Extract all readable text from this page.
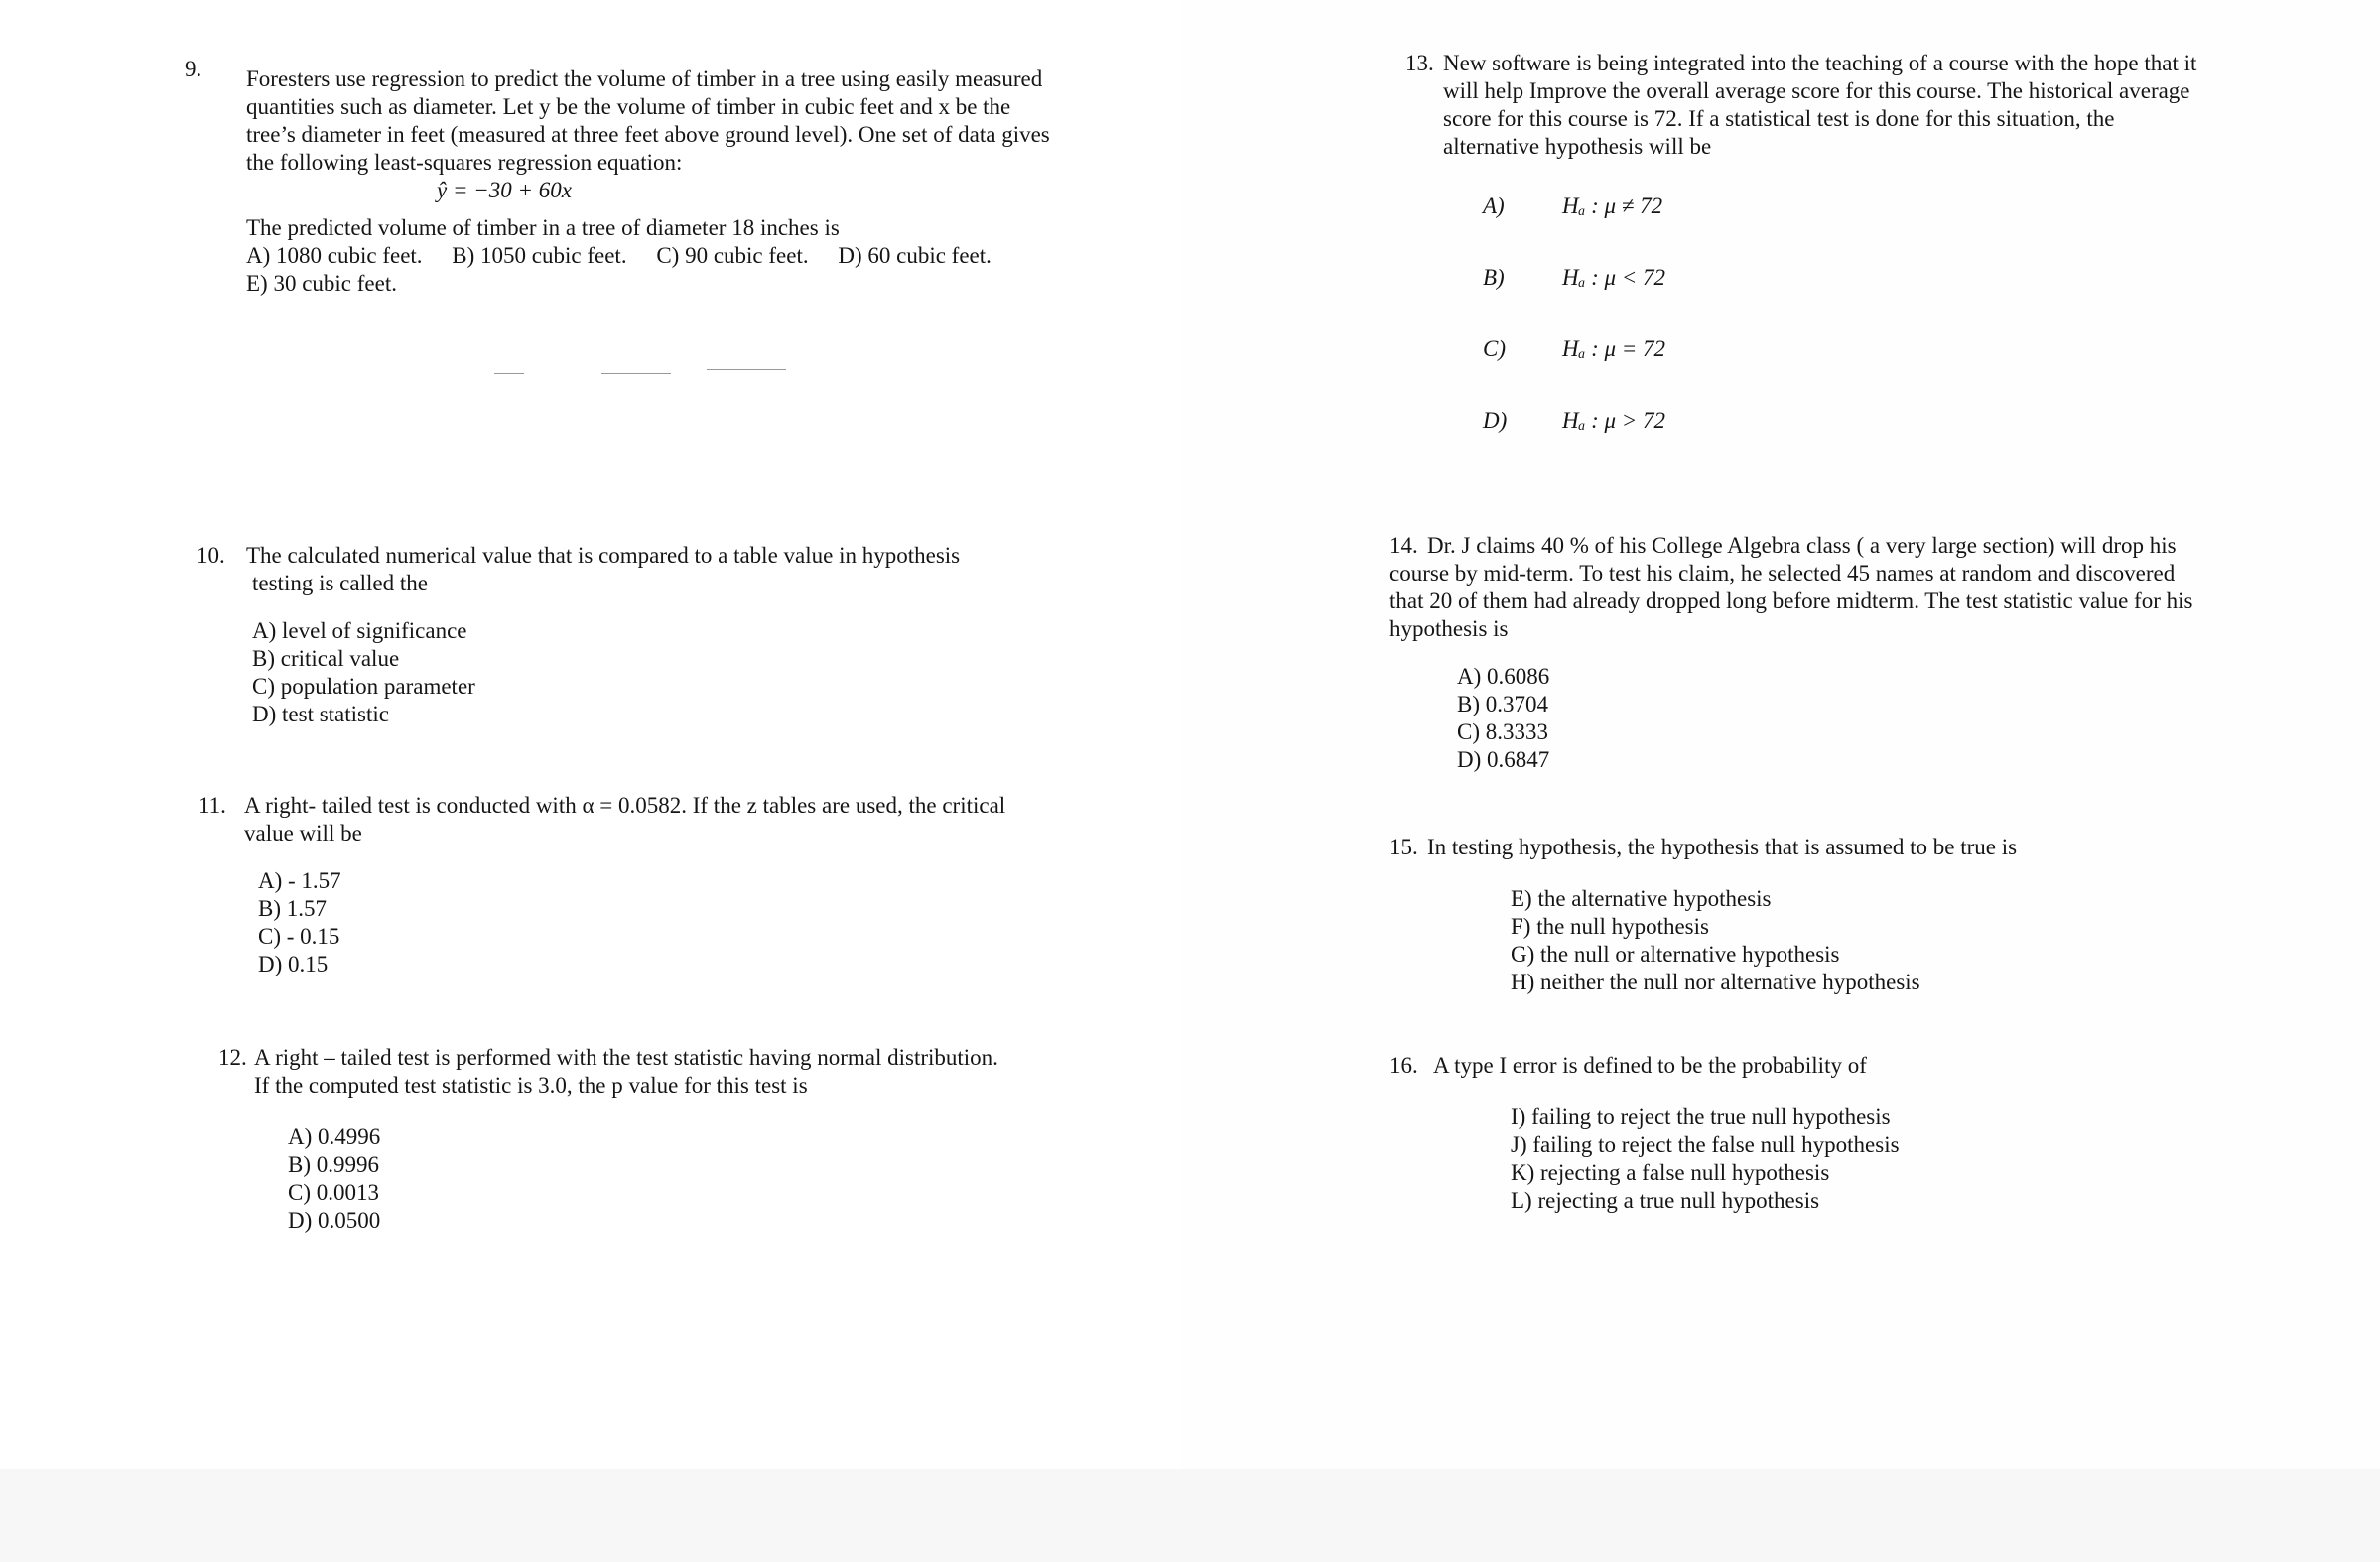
9. Foresters use regression to predict the volume of timber in a tree using easily measured

quantities such as diameter. Let y be the volume of timber in cubic feet and x be the

tree’s diameter in feet (measured at three feet above ground level). One set of data gives

the following least-squares regression equation:

ŷ = −30 + 60x

The predicted volume of timber in a tree of diameter 18 inches is

A) 1080 cubic feet. B) 1050 cubic feet. C) 90 cubic feet. D) 60 cubic feet.

E) 30 cubic feet.

10. The calculated numerical value that is compared to a table value in hypothesis

testing is called the

A) level of significance
B) critical value
C) population parameter
D) test statistic
11. A right- tailed test is conducted with α = 0.0582. If the z tables are used, the critical

value will be

A) - 1.57
B) 1.57
C) - 0.15
D) 0.15
12. A right – tailed test is performed with the test statistic having normal distribution.

If the computed test statistic is 3.0, the p value for this test is

A) 0.4996
B) 0.9996
C) 0.0013
D) 0.0500
13. New software is being integrated into the teaching of a course with the hope that it

will help Improve the overall average score for this course. The historical average

score for this course is 72. If a statistical test is done for this situation, the

alternative hypothesis will be

A)	Hₐ : μ ≠ 72
B)	Hₐ : μ < 72
C) Hₐ : μ = 72
D) Hₐ : μ > 72
14. Dr. J claims 40 % of his College Algebra class ( a very large section) will drop his

course by mid-term. To test his claim, he selected 45 names at random and discovered

that 20 of them had already dropped long before midterm. The test statistic value for his

hypothesis is

A) 0.6086
B) 0.3704
C) 8.3333
D) 0.6847
15. In testing hypothesis, the hypothesis that is assumed to be true is

E) the alternative hypothesis
F) the null hypothesis
G) the null or alternative hypothesis
H) neither the null nor alternative hypothesis
16. A type I error is defined to be the probability of

I) failing to reject the true null hypothesis
J) failing to reject the false null hypothesis
K) rejecting a false null hypothesis
L) rejecting a true null hypothesis
